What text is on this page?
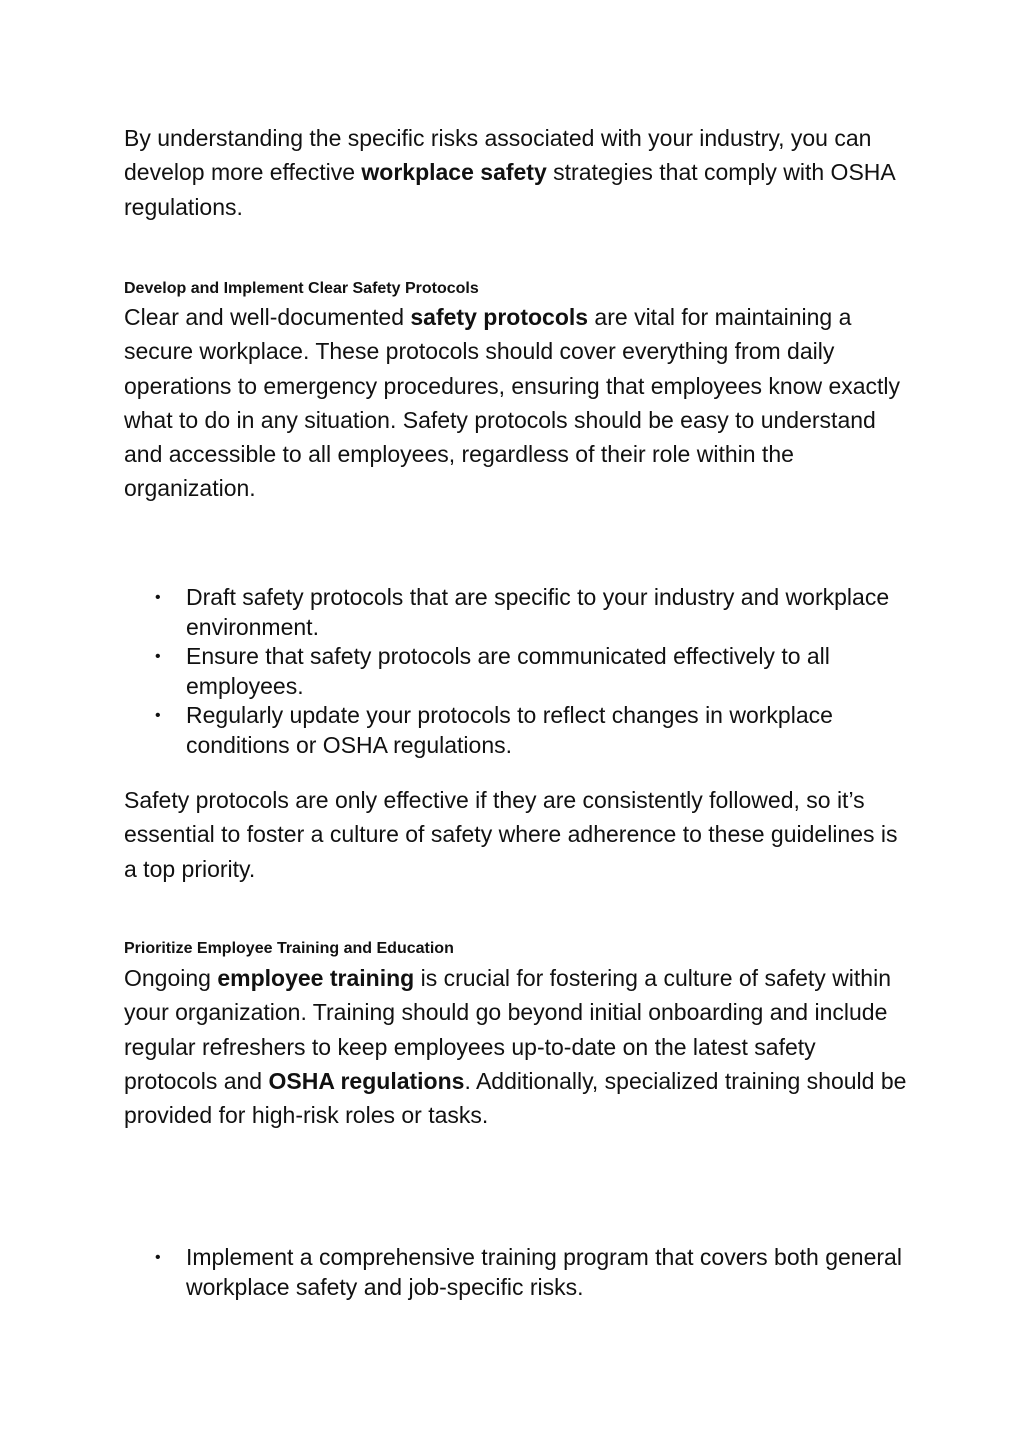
By understanding the specific risks associated with your industry, you can develop more effective workplace safety strategies that comply with OSHA regulations.

Develop and Implement Clear Safety Protocols

Clear and well-documented safety protocols are vital for maintaining a secure workplace. These protocols should cover everything from daily operations to emergency procedures, ensuring that employees know exactly what to do in any situation. Safety protocols should be easy to understand and accessible to all employees, regardless of their role within the organization.

• Draft safety protocols that are specific to your industry and workplace environment.
• Ensure that safety protocols are communicated effectively to all employees.
• Regularly update your protocols to reflect changes in workplace conditions or OSHA regulations.

Safety protocols are only effective if they are consistently followed, so it’s essential to foster a culture of safety where adherence to these guidelines is a top priority.

Prioritize Employee Training and Education

Ongoing employee training is crucial for fostering a culture of safety within your organization. Training should go beyond initial onboarding and include regular refreshers to keep employees up-to-date on the latest safety protocols and OSHA regulations. Additionally, specialized training should be provided for high-risk roles or tasks.

• Implement a comprehensive training program that covers both general workplace safety and job-specific risks.
